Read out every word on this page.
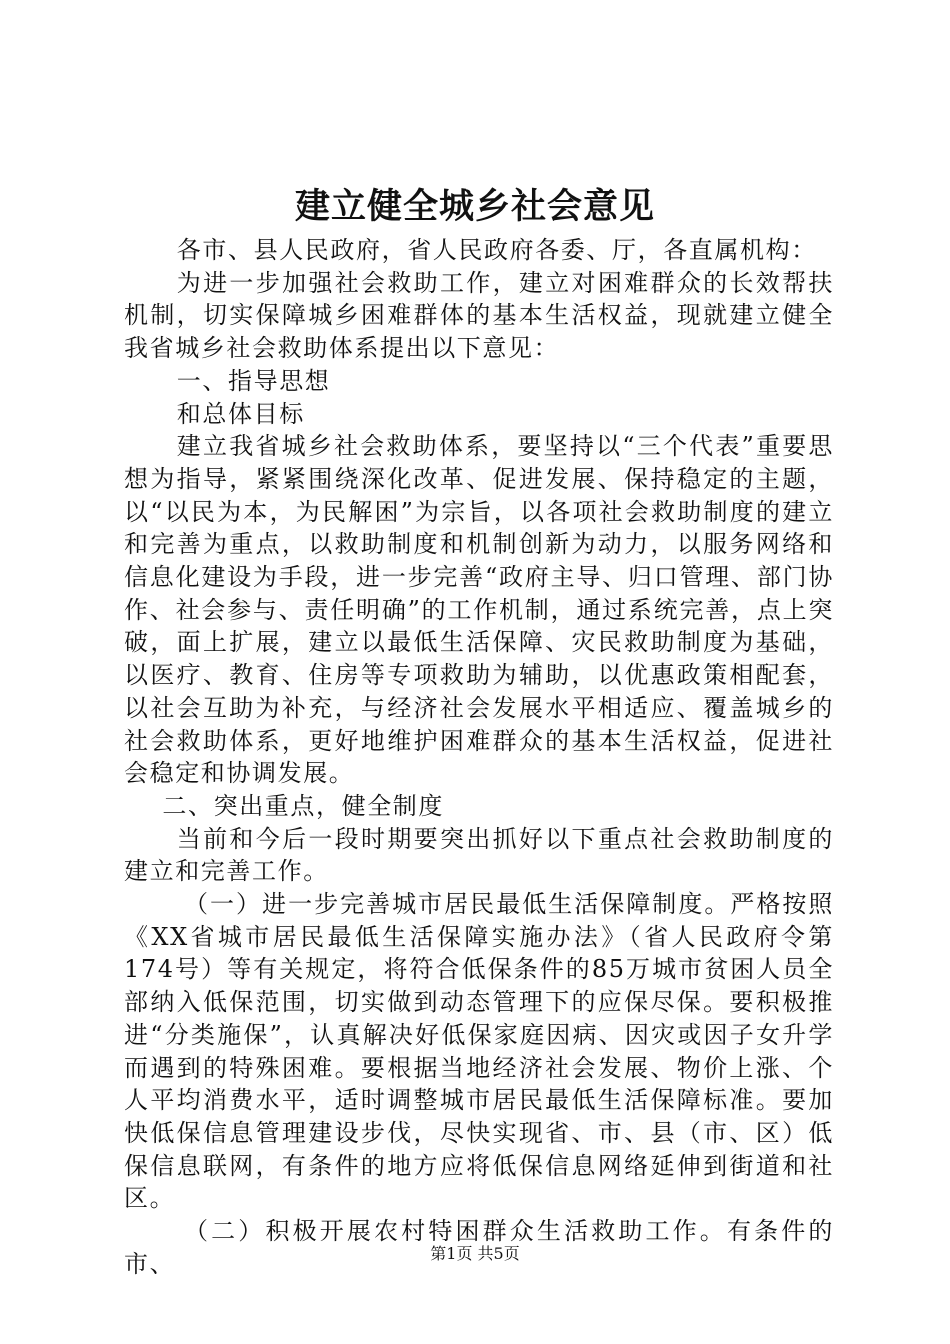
建立健全城乡社会意见

各市、县人民政府，省人民政府各委、厅，各直属机构：

为进一步加强社会救助工作，建立对困难群众的长效帮扶机制，切实保障城乡困难群体的基本生活权益，现就建立健全我省城乡社会救助体系提出以下意见：

一、指导思想

和总体目标

建立我省城乡社会救助体系，要坚持以“三个代表”重要思想为指导，紧紧围绕深化改革、促进发展、保持稳定的主题，以“以民为本，为民解困”为宗旨，以各项社会救助制度的建立和完善为重点，以救助制度和机制创新为动力，以服务网络和信息化建设为手段，进一步完善“政府主导、归口管理、部门协作、社会参与、责任明确”的工作机制，通过系统完善，点上突破，面上扩展，建立以最低生活保障、灾民救助制度为基础，以医疗、教育、住房等专项救助为辅助，以优惠政策相配套，以社会互助为补充，与经济社会发展水平相适应、覆盖城乡的社会救助体系，更好地维护困难群众的基本生活权益，促进社会稳定和协调发展。

二、突出重点，健全制度

当前和今后一段时期要突出抓好以下重点社会救助制度的建立和完善工作。

（一）进一步完善城市居民最低生活保障制度。严格按照《XX省城市居民最低生活保障实施办法》（省人民政府令第174号）等有关规定，将符合低保条件的85万城市贫困人员全部纳入低保范围，切实做到动态管理下的应保尽保。要积极推进“分类施保”，认真解决好低保家庭因病、因灾或因子女升学而遇到的特殊困难。要根据当地经济社会发展、物价上涨、个人平均消费水平，适时调整城市居民最低生活保障标准。要加快低保信息管理建设步伐，尽快实现省、市、县（市、区）低保信息联网，有条件的地方应将低保信息网络延伸到街道和社区。

（二）积极开展农村特困群众生活救助工作。有条件的市、	第1页 共5页
